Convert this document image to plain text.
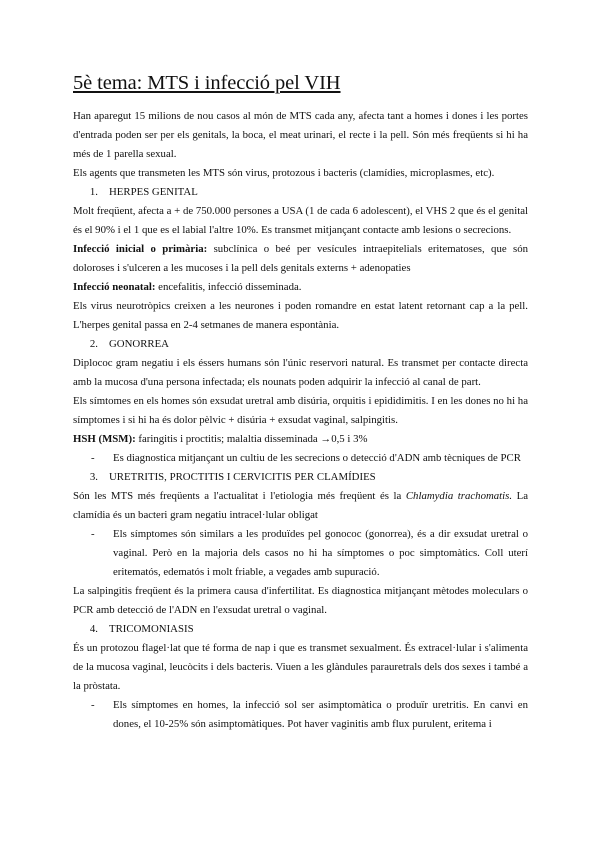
5è tema: MTS i infecció pel VIH

Han aparegut 15 milions de nou casos al món de MTS cada any, afecta tant a homes i dones i les portes d'entrada poden ser per els genitals, la boca, el meat urinari, el recte i la pell. Són més freqüents si hi ha més de 1 parella sexual.

Els agents que transmeten les MTS són virus, protozous i bacteris (clamídies, microplasmes, etc).

1.	HERPES GENITAL

Molt freqüent, afecta a + de 750.000 persones a USA (1 de cada 6 adolescent), el VHS 2 que és el genital és el 90% i el 1 que es el labial l'altre 10%. Es transmet mitjançant contacte amb lesions o secrecions.

Infecció inicial o primària: subclínica o beé per vesícules intraepitelials eritematoses, que són doloroses i s'ulceren a les mucoses i la pell dels genitals externs + adenopaties

Infecció neonatal: encefalitis, infecció disseminada.

Els virus neurotròpics creixen a les neurones i poden romandre en estat latent retornant cap a la pell. L'herpes genital passa en 2-4 setmanes de manera espontània.

2.	GONORREA

Diplococ gram negatiu i els éssers humans són l'únic reservori natural. Es transmet per contacte directa amb la mucosa d'una persona infectada; els nounats poden adquirir la infecció al canal de part.

Els símtomes en els homes són exsudat uretral amb disúria, orquitis i epididimitis. I en les dones no hi ha símptomes i si hi ha és dolor pèlvic + disúria + exsudat vaginal, salpingitis.

HSH (MSM): faringitis i proctitis; malaltia disseminada →0,5 i 3%

-	Es diagnostica mitjançant un cultiu de les secrecions o detecció d'ADN amb tècniques de PCR
3.	URETRITIS, PROCTITIS I CERVICITIS PER CLAMÍDIES

Són les MTS més freqüents a l'actualitat i l'etiologia més freqüent és la Chlamydia trachomatis. La clamídia és un bacteri gram negatiu intracel·lular obligat

-	Els símptomes són similars a les produïdes pel gonococ (gonorrea), és a dir exsudat uretral o vaginal. Però en la majoria dels casos no hi ha símptomes o poc simptomàtics. Coll uterí eritematós, edematós i molt friable, a vegades amb supuració.

La salpingitis freqüent és la primera causa d'infertilitat. Es diagnostica mitjançant mètodes moleculars o PCR amb detecció de l'ADN en l'exsudat uretral o vaginal.

4.	TRICOMONIASIS

És un protozou flagel·lat que té forma de nap i que es transmet sexualment. És extracel·lular i s'alimenta de la mucosa vaginal, leucòcits i dels bacteris. Viuen a les glàndules parauretrals dels dos sexes i també a la pròstata.

-	Els símptomes en homes, la infecció sol ser asimptomàtica o produïr uretritis. En canvi en dones, el 10-25% són asimptomàtiques. Pot haver vaginitis amb flux purulent, eritema i
